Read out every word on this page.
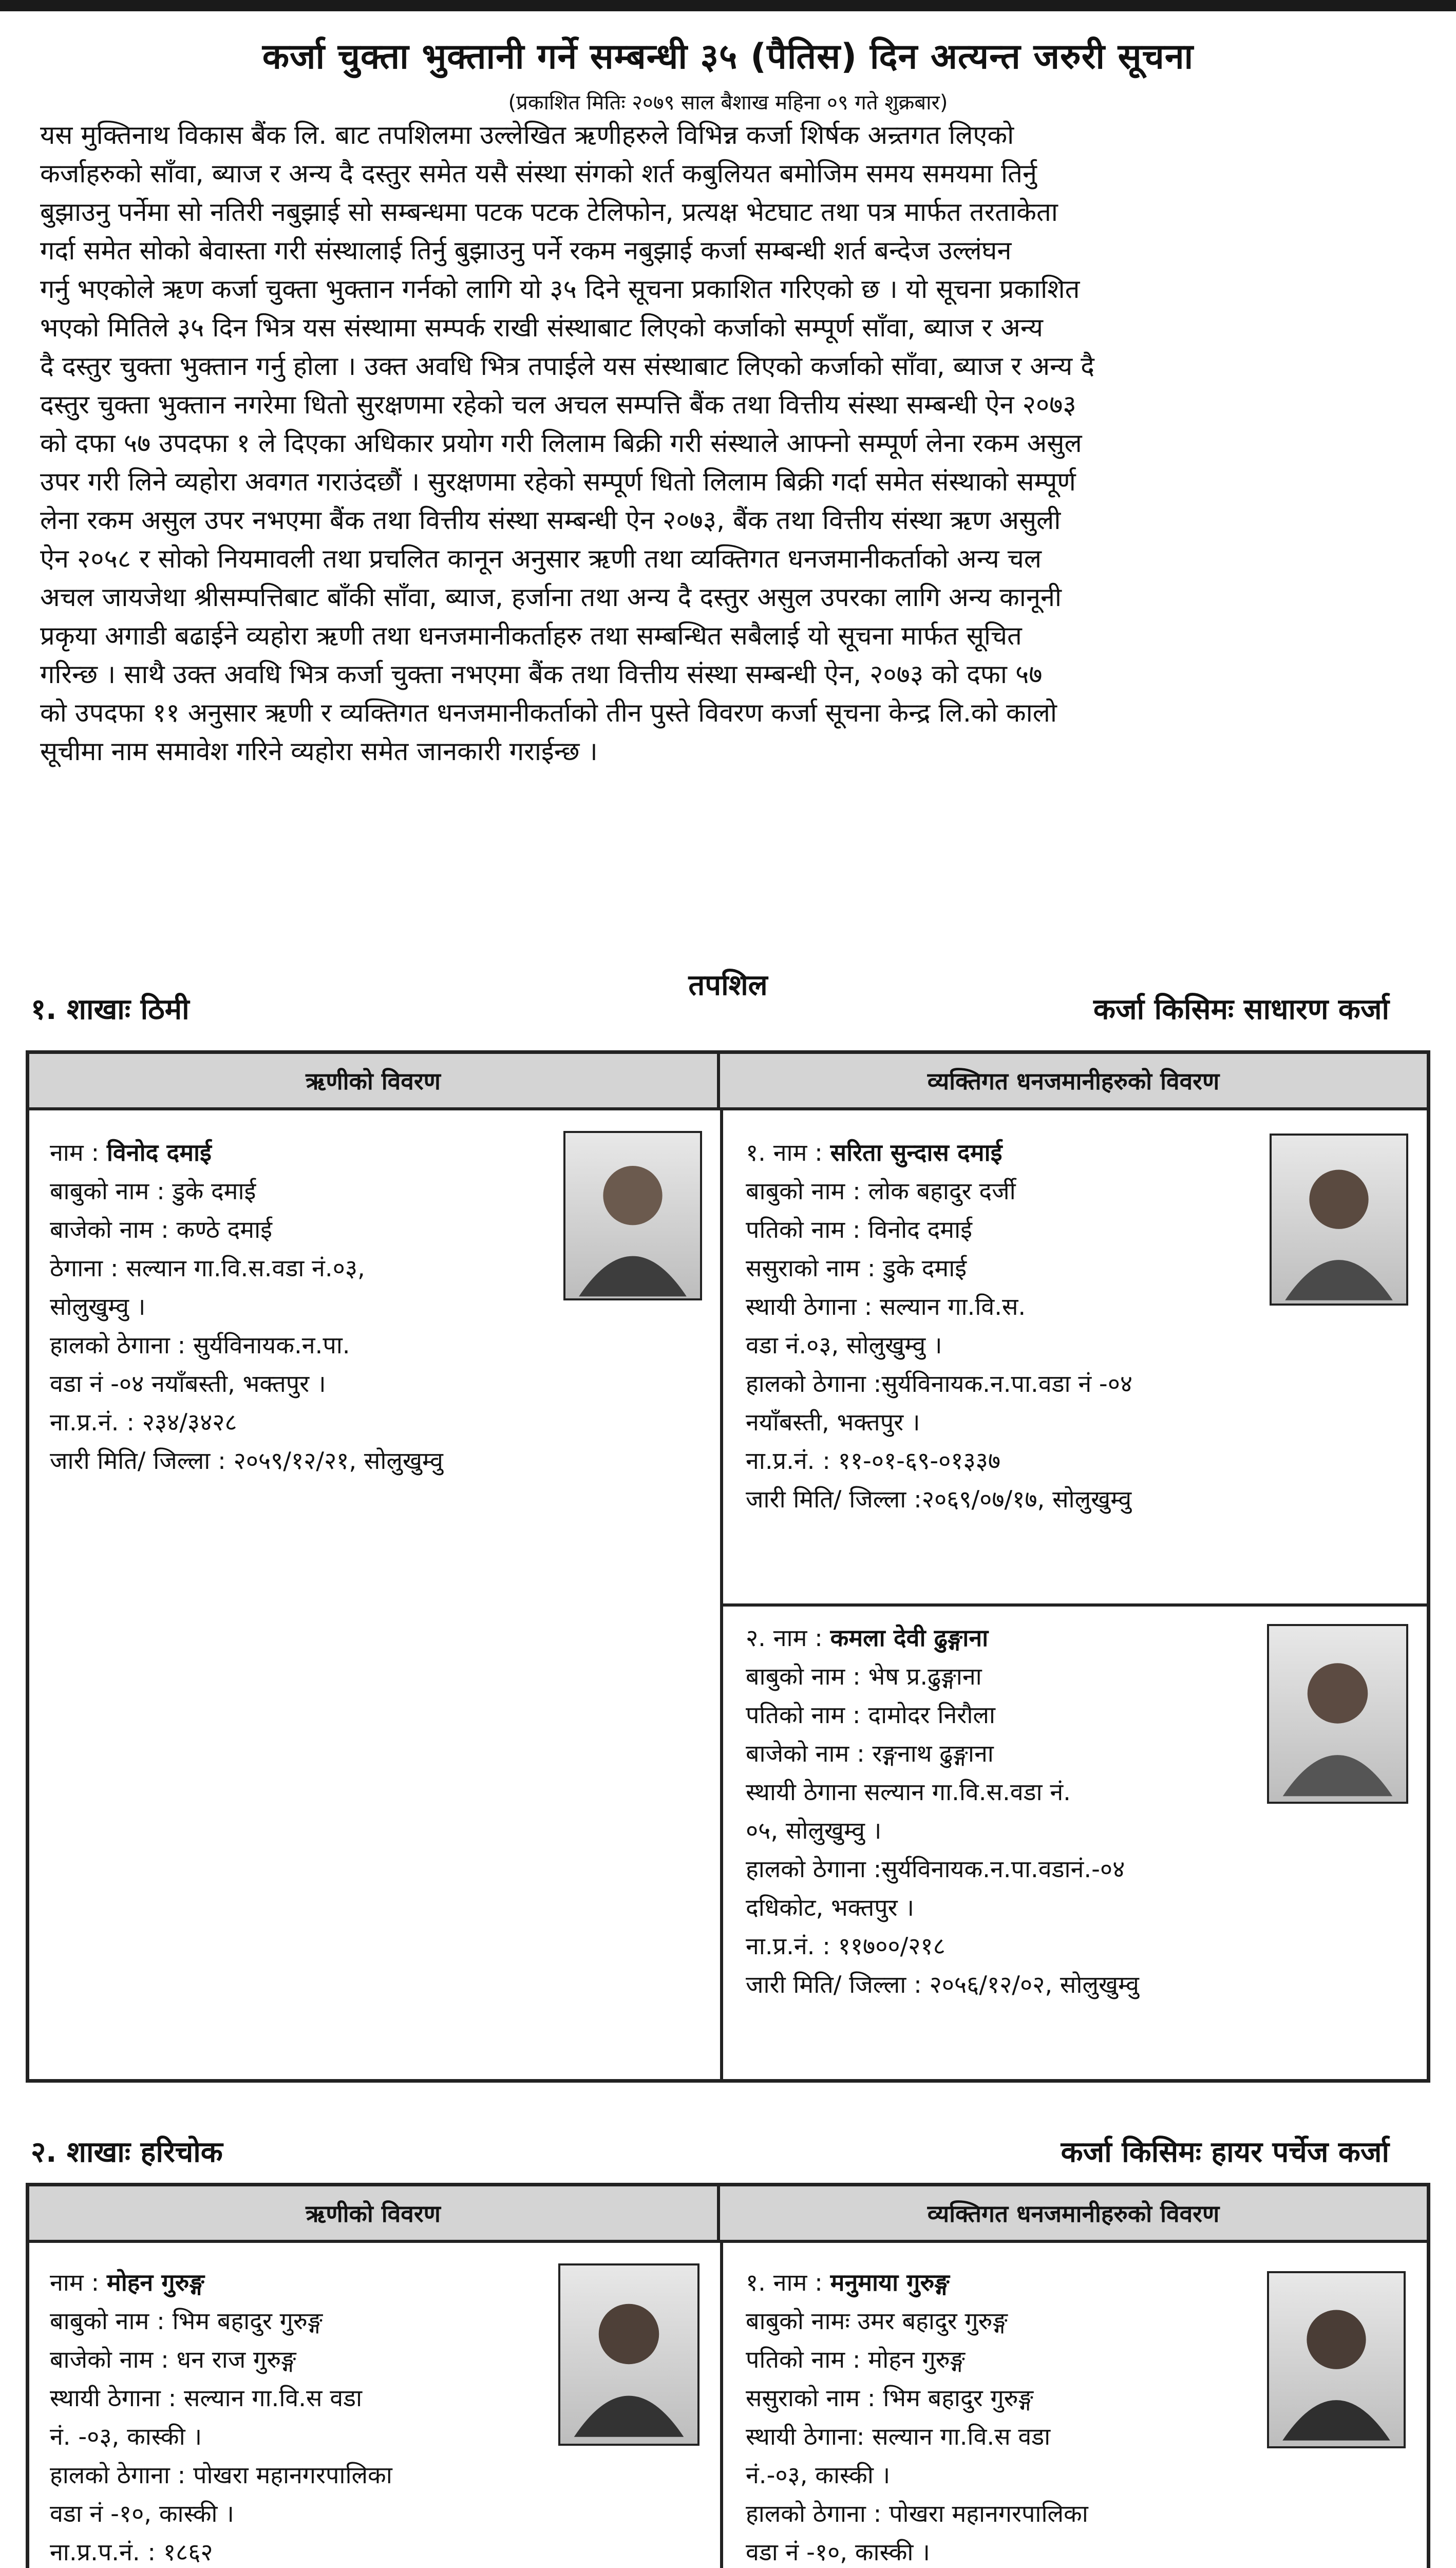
कर्जा चुक्ता भुक्तानी गर्ने सम्बन्धी ३५ (पैतिस) दिन अत्यन्त जरुरी सूचना
(प्रकाशित मितिः २०७९ साल बैशाख महिना ०९ गते शुक्रबार)
यस मुक्तिनाथ विकास बैंक लि. बाट तपशिलमा उल्लेखित ऋणीहरुले विभिन्न कर्जा शिर्षक अन्र्तगत लिएको
कर्जाहरुको साँवा, ब्याज र अन्य दै दस्तुर समेत यसै संस्था संगको शर्त कबुलियत बमोजिम समय समयमा तिर्नु
बुझाउनु पर्नेमा सो नतिरी नबुझाई सो सम्बन्धमा पटक पटक टेलिफोन, प्रत्यक्ष भेटघाट तथा पत्र मार्फत तरताकेता
गर्दा समेत सोको बेवास्ता गरी संस्थालाई तिर्नु बुझाउनु पर्ने रकम नबुझाई कर्जा सम्बन्धी शर्त बन्देज उल्लंघन
गर्नु भएकोले ऋण कर्जा चुक्ता भुक्तान गर्नको लागि यो ३५ दिने सूचना प्रकाशित गरिएको छ । यो सूचना प्रकाशित
भएको मितिले ३५ दिन भित्र यस संस्थामा सम्पर्क राखी संस्थाबाट लिएको कर्जाको सम्पूर्ण साँवा, ब्याज र अन्य
दै दस्तुर चुक्ता भुक्तान गर्नु होला । उक्त अवधि भित्र तपाईले यस संस्थाबाट लिएको कर्जाको साँवा, ब्याज र अन्य दै
दस्तुर चुक्ता भुक्तान नगरेमा धितो सुरक्षणमा रहेको चल अचल सम्पत्ति बैंक तथा वित्तीय संस्था सम्बन्धी ऐन २०७३
को दफा ५७ उपदफा १ ले दिएका अधिकार प्रयोग गरी लिलाम बिक्री गरी संस्थाले आफ्नो सम्पूर्ण लेना रकम असुल
उपर गरी लिने व्यहोरा अवगत गराउंदछौं । सुरक्षणमा रहेको सम्पूर्ण धितो लिलाम बिक्री गर्दा समेत संस्थाको सम्पूर्ण
लेना रकम असुल उपर नभएमा बैंक तथा वित्तीय संस्था सम्बन्धी ऐन २०७३, बैंक तथा वित्तीय संस्था ऋण असुली
ऐन २०५८ र सोको नियमावली तथा प्रचलित कानून अनुसार ऋणी तथा व्यक्तिगत धनजमानीकर्ताको अन्य चल
अचल जायजेथा श्रीसम्पत्तिबाट बाँकी साँवा, ब्याज, हर्जाना तथा अन्य दै दस्तुर असुल उपरका लागि अन्य कानूनी
प्रकृया अगाडी बढाईने व्यहोरा ऋणी तथा धनजमानीकर्ताहरु तथा सम्बन्धित सबैलाई यो सूचना मार्फत सूचित
गरिन्छ । साथै उक्त अवधि भित्र कर्जा चुक्ता नभएमा बैंक तथा वित्तीय संस्था सम्बन्धी ऐन, २०७३ को दफा ५७
को उपदफा ११ अनुसार ऋणी र व्यक्तिगत धनजमानीकर्ताको तीन पुस्ते विवरण कर्जा सूचना केन्द्र लि.को कालो
सूचीमा नाम समावेश गरिने व्यहोरा समेत जानकारी गराईन्छ ।
तपशिल
१. शाखाः ठिमी	कर्जा किसिमः साधारण कर्जा
ऋणीको विवरण	व्यक्तिगत धनजमानीहरुको विवरण
नाम : विनोद दमाई
बाबुको नाम : डुके दमाई
बाजेको नाम : कण्ठे दमाई
ठेगाना : सल्यान गा.वि.स.वडा नं.०३,
सोलुखुम्वु ।
हालको ठेगाना : सुर्यविनायक.न.पा.
वडा नं -०४ नयाँबस्ती, भक्तपुर ।
ना.प्र.नं. : २३४/३४२८
जारी मिति/ जिल्ला : २०५९/१२/२१, सोलुखुम्वु
१. नाम : सरिता सुन्दास दमाई
बाबुको नाम : लोक बहादुर दर्जी
पतिको नाम : विनोद दमाई
ससुराको नाम : डुके दमाई
स्थायी ठेगाना : सल्यान गा.वि.स.
वडा नं.०३, सोलुखुम्वु ।
हालको ठेगाना :सुर्यविनायक.न.पा.वडा नं -०४
नयाँबस्ती, भक्तपुर ।
ना.प्र.नं. : ११-०१-६९-०१३३७
जारी मिति/ जिल्ला :२०६९/०७/१७, सोलुखुम्वु
२. नाम : कमला देवी ढुङ्गाना
बाबुको नाम : भेष प्र.ढुङ्गाना
पतिको नाम : दामोदर निरौला
बाजेको नाम : रङ्गनाथ ढुङ्गाना
स्थायी ठेगाना सल्यान गा.वि.स.वडा नं.
०५, सोलुखुम्वु ।
हालको ठेगाना :सुर्यविनायक.न.पा.वडानं.-०४
दधिकोट, भक्तपुर ।
ना.प्र.नं. : ११७००/२१८
जारी मिति/ जिल्ला : २०५६/१२/०२, सोलुखुम्वु
२. शाखाः हरिचोक	कर्जा किसिमः हायर पर्चेज कर्जा
ऋणीको विवरण	व्यक्तिगत धनजमानीहरुको विवरण
नाम : मोहन गुरुङ्ग
बाबुको नाम : भिम बहादुर गुरुङ्ग
बाजेको नाम : धन राज गुरुङ्ग
स्थायी ठेगाना : सल्यान गा.वि.स वडा
नं. -०३, कास्की ।
हालको ठेगाना : पोखरा महानगरपालिका
वडा नं -१०, कास्की ।
ना.प्र.प.नं. : १८६२
१. नाम : मनुमाया गुरुङ्ग
बाबुको नामः उमर बहादुर गुरुङ्ग
पतिको नाम : मोहन गुरुङ्ग
ससुराको नाम : भिम बहादुर गुरुङ्ग
स्थायी ठेगाना: सल्यान गा.वि.स वडा
नं.-०३, कास्की ।
हालको ठेगाना : पोखरा महानगरपालिका
वडा नं -१०, कास्की ।
